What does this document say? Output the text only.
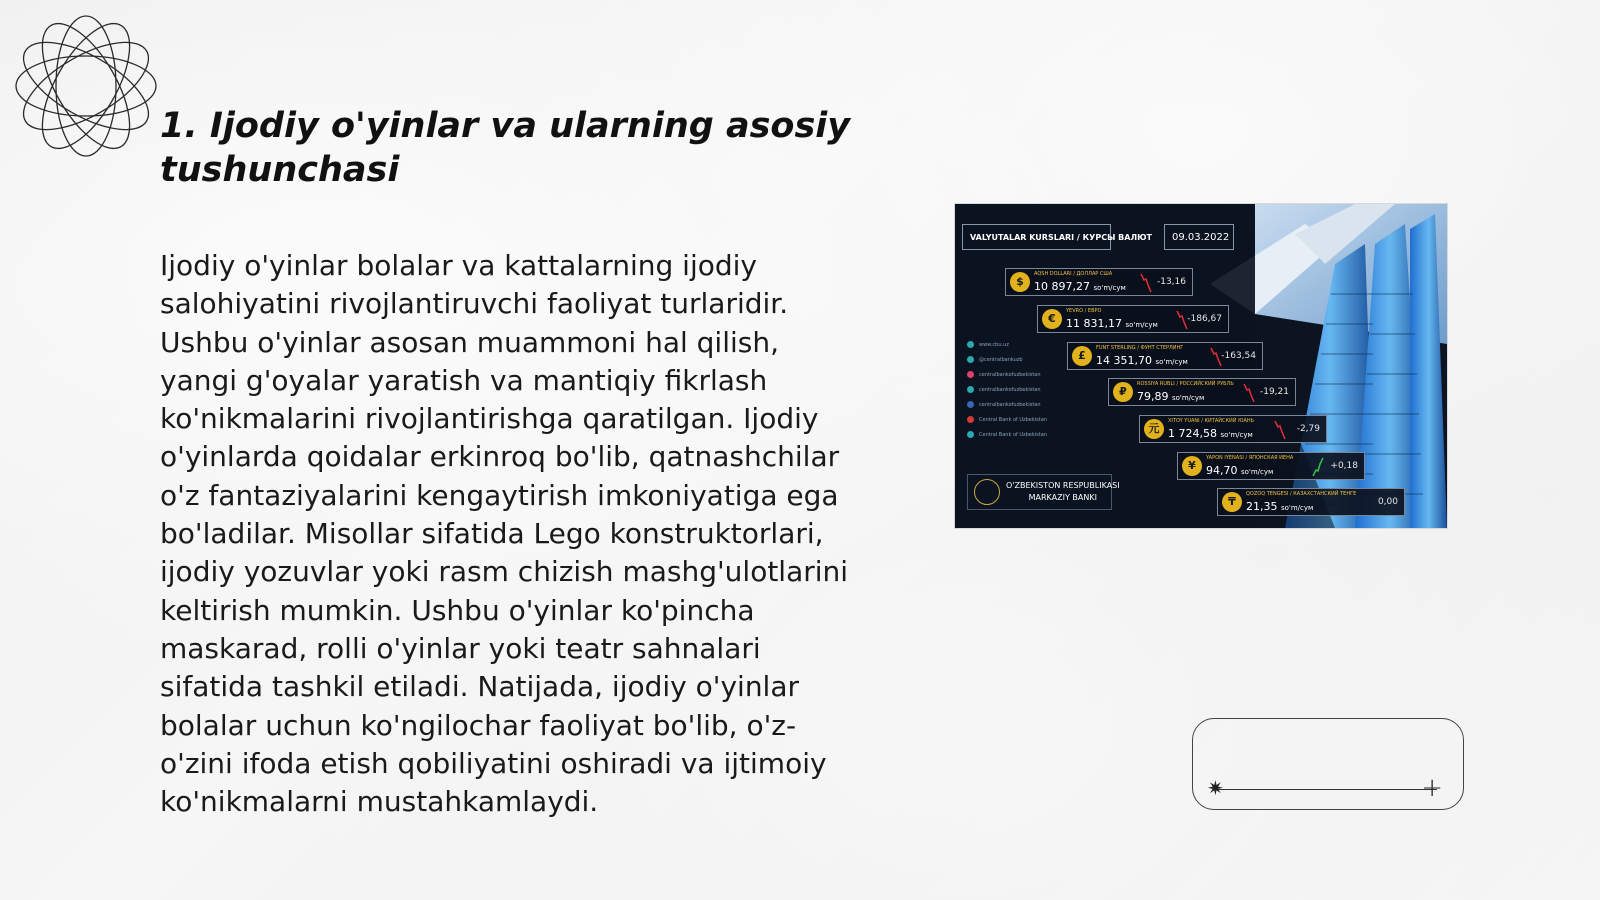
1. Ijodiy o'yinlar va ularning asosiy tushunchasi

Ijodiy o'yinlar bolalar va kattalarning ijodiy salohiyatini rivojlantiruvchi faoliyat turlaridir. Ushbu o'yinlar asosan muammoni hal qilish, yangi g'oyalar yaratish va mantiqiy fikrlash ko'nikmalarini rivojlantirishga qaratilgan. Ijodiy o'yinlarda qoidalar erkinroq bo'lib, qatnashchilar o'z fantaziyalarini kengaytirish imkoniyatiga ega bo'ladilar. Misollar sifatida Lego konstruktorlari, ijodiy yozuvlar yoki rasm chizish mashg'ulotlarini keltirish mumkin. Ushbu o'yinlar ko'pincha maskarad, rolli o'yinlar yoki teatr sahnalari sifatida tashkil etiladi. Natijada, ijodiy o'yinlar bolalar uchun ko'ngilochar faoliyat bo'lib, o'z-o'zini ifoda etish qobiliyatini oshiradi va ijtimoiy ko'nikmalarni mustahkamlaydi.

VALYUTALAR KURSLARI / КУРСЫ ВАЛЮТ	09.03.2022
$
AQSH DOLLARI / ДОЛЛАР США
10 897,27 so'm/сум
-13,16
€
YEVRO / ЕВРО
11 831,17 so'm/сум
-186,67
£
FUNT STERLING / ФУНТ СТЕРЛИНГ
14 351,70 so'm/сум
-163,54
₽
ROSSIYA RUBLI / РОССИЙСКИЙ РУБЛЬ
79,89 so'm/сум
-19,21
元
XITOY YUANI / КИТАЙСКИЙ ЮАНЬ
1 724,58 so'm/сум
-2,79
¥
YAPON IYENASI / ЯПОНСКАЯ ИЕНА
94,70 so'm/сум
+0,18
₸
QOZOQ TENGESI / КАЗАХСТАНСКИЙ ТЕНГЕ
21,35 so'm/сум
0,00
www.cbu.uz
@centralbankuzb
centralbankofuzbekistan
centralbankofuzbekistan
centralbankofuzbekistan
Central Bank of Uzbekistan
Central Bank of Uzbekistan
O'ZBEKISTON RESPUBLIKASI
MARKAZIY BANKI
✷	+
